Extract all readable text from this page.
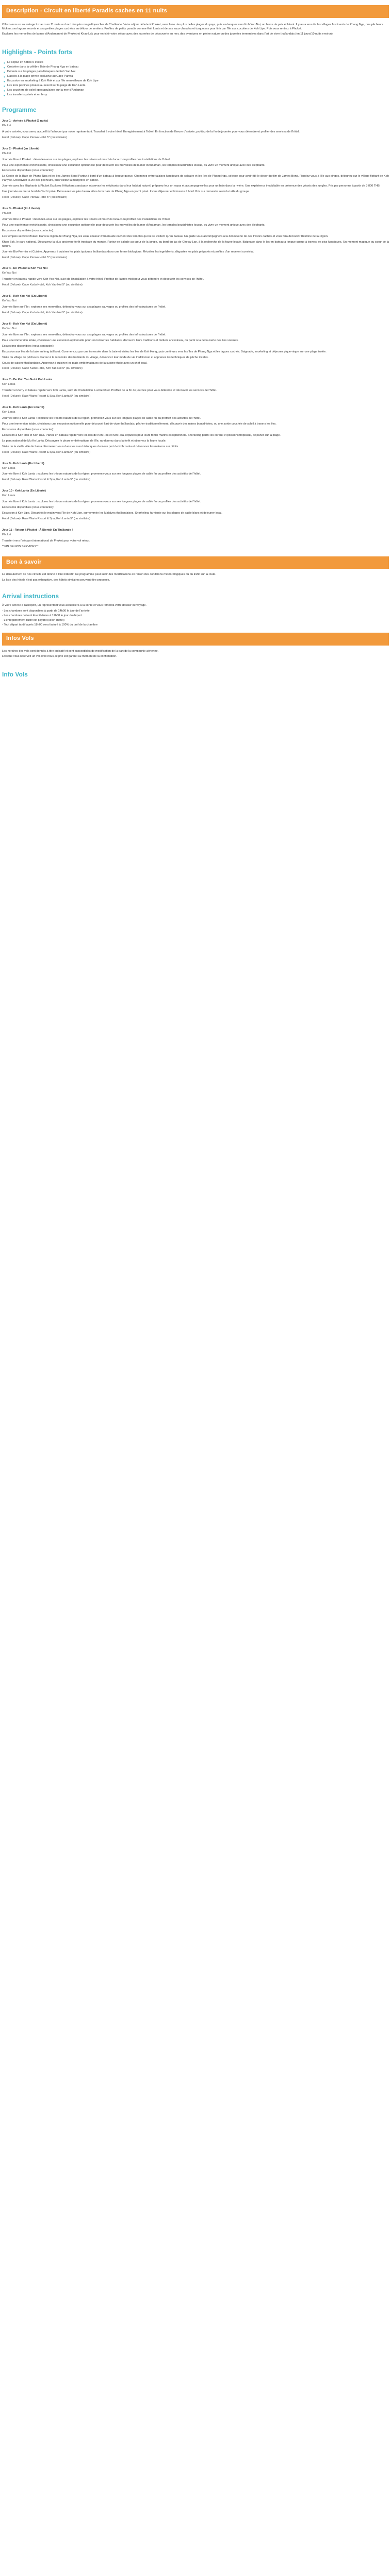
Description - Circuit en liberté Paradis caches en 11 nuits

Offrez-vous un sauvetage luxueux en 11 nuits au bord des plus magnifiques îles de Thaïlande. Votre séjour débute à Phuket, avec l'une des plus belles plages du pays, puis embarquez vers Koh Yao Noi, un havre de paix éclatant. Il y aura ensuite les villages fascinants de Phang Nga, des pêcheurs Moken, ses lagons secrets et ses petites plages cachées au détour de sentiers. Profitez de petits paradis comme Koh Lanta et de ses eaux chaudes et turquoises pour finir par l'île aux cocotiers de Koh Lipe. Puis vous rentrez à Phuket.

Explorez les merveilles de la mer d'Andaman et de Phuket et Khao Lak pour enrichir votre séjour avec des journées de découverte en mer, des aventures en pleine nature ou des journées immersives dans l'art de vivre thaïlandais (en 11 jours/10 nuits environ)

Highlights - Points forts
• Le séjour en hôtels 5 étoiles
• Croisière dans la célèbre Baie de Phang Nga en bateau
• Détente sur les plages paradisiaques de Koh Yao Noi
• L'accès à la plage privée exclusive au Cape Panwa
• Excursion en snorkeling à Koh Rok et sur l'île merveilleuse de Koh Lipe
• Les trois piscines privées au resort sur la plage de Koh Lanta
• Les couchers de soleil spectaculaires sur la mer d'Andaman
• Les transferts privés et en ferry
Programme
Jour 1 - Arrivée à Phuket (2 nuits)
Phuket

À votre arrivée, vous serez accueilli à l'aéroport par notre représentant. Transfert à votre hôtel. Enregistrement à l'hôtel. En fonction de l'heure d'arrivée, profitez de la fin de journée pour vous détendre et profiter des services de l'hôtel.

Hotel (Deluxe): Cape Panwa Hotel 5* (ou similaire)

Jour 2 - Phuket (en Liberté)
Phuket

Journée libre à Phuket : détendez-vous sur les plages, explorez les trésors et marchés locaux ou profitez des installations de l'hôtel.

Pour une expérience enrichissante, choisissez une excursion optionnelle pour découvrir les merveilles de la mer d'Andaman, les temples bouddhistes locaux, ou vivre un moment unique avec des éléphants.

Excursions disponibles (nous contacter):

La Grotte de la Baie de Phang Nga et les îles James Bond Partez à bord d'un bateau à longue queue. Cheminez entre falaises karstiques de calcaire et les îles de Phang Nga, célèbre pour avoir été le décor du film de James Bond. Rendez-vous à l'île aux singes, déjeunez sur le village flottant de Koh Panyee. Découvrez la vie des pêcheurs, puis visitez la mangrove en canoë.

Journée avec les éléphants à Phuket Explorez l'éléphant sanctuary, observez les éléphants dans leur habitat naturel, préparez-leur un repas et accompagnez-les pour un bain dans la rivière. Une expérience inoubliable en présence des géants des jungles. Prix par personne à partir de 3 800 THB.

Une journée en mer à bord du Yacht privé. Découvrez les plus beaux sites de la baie de Phang Nga en yacht privé. Inclus déjeuner et boissons à bord. Prix sur demande selon la taille du groupe.

Hotel (Deluxe): Cape Panwa Hotel 5* (ou similaire)

Jour 3 - Phuket (En Liberté)
Phuket

Journée libre à Phuket : détendez-vous sur les plages, explorez les trésors et marchés locaux ou profitez des installations de l'hôtel.

Pour une expérience enrichissante, choisissez une excursion optionnelle pour découvrir les merveilles de la mer d'Andaman, les temples bouddhistes locaux, ou vivre un moment unique avec des éléphants.

Excursions disponibles (nous contacter):

Les temples secrets Phuket. Dans la région de Phang Nga, les eaux couleur d'émeraude cachent des temples qui ne se visitent qu'en bateau. Un guide vous accompagnera à la découverte de ces trésors cachés et vous fera découvrir l'histoire de la région.

Khao Sok, le parc national. Découvrez la plus ancienne forêt tropicale du monde. Partez en balade au cœur de la jungle, au bord du lac de Cheow Lan, à la recherche de la faune locale. Baignade dans le lac en bateau à longue queue à travers les pics karstiques. Un moment magique au cœur de la nature.

Journée Bio-Fermier et Cuisine. Apprenez à cuisiner les plats typiques thaïlandais dans une ferme biologique. Récoltez les ingrédients, dégustez les plats préparés et profitez d'un moment convivial.

Hotel (Deluxe): Cape Panwa Hotel 5* (ou similaire)

Jour 4 - De Phuket à Koh Yao Noi
Ko Yao Noi

Transfert en bateau rapide vers Koh Yao Noi, suivi de l'installation à votre hôtel. Profitez de l'après-midi pour vous détendre et découvrir les services de l'hôtel.

Hotel (Deluxe): Cape Kudu Hotel, Koh Yao Noi 5* (ou similaire)

Jour 5 - Koh Yao Noi (En Liberté)
Ko Yao Noi

Journée libre sur l'île : explorez ses merveilles, détendez-vous sur ses plages sauvages ou profitez des infrastructures de l'hôtel.

Hotel (Deluxe): Cape Kudu Hotel, Koh Yao Noi 5* (ou similaire)

Jour 6 - Koh Yao Noi (En Liberté)
Ko Yao Noi

Journée libre sur l'île : explorez ses merveilles, détendez-vous sur ses plages sauvages ou profitez des infrastructures de l'hôtel.

Pour une immersion totale, choisissez une excursion optionnelle pour rencontrer les habitants, découvrir leurs traditions et métiers ancestraux, ou partir à la découverte des îles voisines.

Excursions disponibles (nous contacter):

Excursion aux îles de la baie en long tail boat. Commencez par une traversée dans la baie et visitez les îles de Koh Hong, puis continuez vers les îles de Phang Nga et les lagons cachés. Baignade, snorkeling et déjeuner pique-nique sur une plage isolée.

Visite du village de pêcheurs. Partez à la rencontre des habitants du village, découvrez leur mode de vie traditionnel et apprenez les techniques de pêche locales.

Cours de cuisine thaïlandaise. Apprenez à cuisiner les plats emblématiques de la cuisine thaïe avec un chef local.

Hotel (Deluxe): Cape Kudu Hotel, Koh Yao Noi 5* (ou similaire)

Jour 7 - De Koh Yao Noi à Koh Lanta
Koh Lanta

Transfert en ferry et bateau rapide vers Koh Lanta, suivi de l'installation à votre hôtel. Profitez de la fin de journée pour vous détendre et découvrir les services de l'hôtel.

Hotel (Deluxe): Rawi Warin Resort & Spa, Koh Lanta 5* (ou similaire)

Jour 8 - Koh Lanta (En Liberté)
Koh Lanta

Journée libre à Koh Lanta : explorez les trésors naturels de la région, promenez-vous sur ses longues plages de sable fin ou profitez des activités de l'hôtel.

Pour une immersion totale, choisissez une excursion optionnelle pour découvrir l'art de vivre thaïlandais, pêcher traditionnellement, découvrir des ruines bouddhistes, ou une sortie couchée de soleil à travers les îles.

Excursions disponibles (nous contacter):

Excursion à Koh Rok et Koh Haa. Partez en bateau rapide vers les îles de Koh Rok et Koh Haa, réputées pour leurs fonds marins exceptionnels. Snorkeling parmi les coraux et poissons tropicaux, déjeuner sur la plage.

Le parc national de Mu Ko Lanta. Découvrez le phare emblématique de l'île, randonnez dans la forêt et observez la faune locale.

Visite de la vieille ville de Lanta. Promenez-vous dans les rues historiques du vieux port de Koh Lanta et découvrez les maisons sur pilotis.

Hotel (Deluxe): Rawi Warin Resort & Spa, Koh Lanta 5* (ou similaire)

Jour 9 - Koh Lanta (En Liberté)
Koh Lanta

Journée libre à Koh Lanta : explorez les trésors naturels de la région, promenez-vous sur ses longues plages de sable fin ou profitez des activités de l'hôtel.

Hotel (Deluxe): Rawi Warin Resort & Spa, Koh Lanta 5* (ou similaire)

Jour 10 - Koh Lanta (En Liberté)
Koh Lanta

Journée libre à Koh Lanta : explorez les trésors naturels de la région, promenez-vous sur ses longues plages de sable fin ou profitez des activités de l'hôtel.

Excursions disponibles (nous contacter):

Excursion à Koh Lipe. Départ tôt le matin vers l'île de Koh Lipe, surnommée les Maldives thaïlandaises. Snorkeling, farniente sur les plages de sable blanc et déjeuner local.

Hotel (Deluxe): Rawi Warin Resort & Spa, Koh Lanta 5* (ou similaire)

Jour 11 - Retour à Phuket - À Bientôt En Thaïlande !
Phuket

Transfert vers l'aéroport international de Phuket pour votre vol retour.

**FIN DE NOS SERVICES**

Bon à savoir

Le déroulement de nos circuits est donné à titre indicatif. Ce programme peut subir des modifications en raison des conditions météorologiques ou du trafic sur la route.

La liste des hôtels n'est pas exhaustive, des hôtels similaires peuvent être proposés.

Arrival instructions

À votre arrivée à l'aéroport, un représentant vous accueillera à la sortie et vous remettra votre dossier de voyage.

- Les chambres sont disponibles à partir de 14h00 le jour de l'arrivée
- Les chambres doivent être libérées à 12h00 le jour du départ
- L'enregistrement tardif est payant (selon l'hôtel)
- Tout départ tardif après 18h00 sera facturé à 100% du tarif de la chambre
Infos Vols

Les horaires des vols sont donnés à titre indicatif et sont susceptibles de modification de la part de la compagnie aérienne.

Lorsque vous réservez un vol avec nous, le prix est garanti au moment de la confirmation.

Info Vols
